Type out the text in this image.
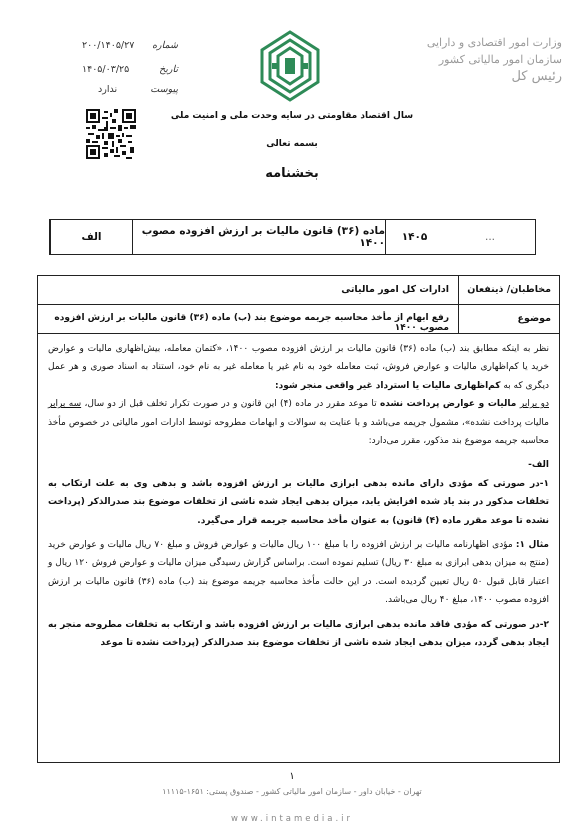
وزارت امور اقتصادی و دارایی
سازمان امور مالیاتی کشور
رئیس کل
شماره
۲۰۰/۱۴۰۵/۲۷
تاریخ
۱۴۰۵/۰۳/۲۵
پیوست
ندارد
سال اقتصاد مقاومتی در سایه وحدت ملی و امنیت ملی
بسمه تعالی
بخشنامه
الف	ماده (۳۶) قانون مالیات بر ارزش افزوده مصوب ۱۴۰۰	۱۴۰۵	...
مخاطبان/ ذینفعان
ادارات کل امور مالیاتی
موضوع
رفع ابهام از مأخذ محاسبه جریمه موضوع بند (ب) ماده (۳۶) قانون مالیات بر ارزش افزوده مصوب ۱۴۰۰

نظر به اینکه مطابق بند (ب) ماده (۳۶) قانون مالیات بر ارزش افزوده مصوب ۱۴۰۰، «کتمان معامله، بیش‌اظهاری مالیات و عوارض خرید یا کم‌اظهاری مالیات و عوارض فروش، ثبت معامله خود به نام غیر یا معامله غیر به نام خود، استناد به اسناد صوری و هر عمل دیگری که به کم‌اظهاری مالیات یا استرداد غیر واقعی منجر شود:

دو برابر مالیات و عوارض پرداخت نشده تا موعد مقرر در ماده (۴) این قانون و در صورت تکرار تخلف قبل از دو سال، سه برابر مالیات پرداخت نشده»، مشمول جریمه می‌باشد و با عنایت به سوالات و ابهامات مطروحه توسط ادارات امور مالیاتی در خصوص مأخذ محاسبه جریمه موضوع بند مذکور، مقرر می‌دارد:

الف-

۱-در صورتی که مؤدی دارای مانده بدهی ابرازی مالیات بر ارزش افزوده باشد و بدهی وی به علت ارتکاب به تخلفات مذکور در بند یاد شده افزایش یابد، میزان بدهی ایجاد شده ناشی از تخلفات موضوع بند صدرالذکر (پرداخت نشده تا موعد مقرر ماده (۴) قانون) به عنوان مأخذ محاسبه جریمه قرار می‌گیرد.

مثال ۱: مؤدی اظهارنامه مالیات بر ارزش افزوده را با مبلغ ۱۰۰ ریال مالیات و عوارض فروش و مبلغ ۷۰ ریال مالیات و عوارض خرید (منتج به میزان بدهی ابرازی به مبلغ ۳۰ ریال) تسلیم نموده است. براساس گزارش رسیدگی میزان مالیات و عوارض فروش ۱۲۰ ریال و اعتبار قابل قبول ۵۰ ریال تعیین گردیده است. در این حالت مأخذ محاسبه جریمه موضوع بند (ب) ماده (۳۶) قانون مالیات بر ارزش افزوده مصوب ۱۴۰۰، مبلغ ۴۰ ریال می‌باشد.

۲-در صورتی که مؤدی فاقد مانده بدهی ابرازی مالیات بر ارزش افزوده باشد و ارتکاب به تخلفات مطروحه منجر به ایجاد بدهی گردد، میزان بدهی ایجاد شده ناشی از تخلفات موضوع بند صدرالذکر (پرداخت نشده تا موعد

۱
تهران - خیابان داور - سازمان امور مالیاتی کشور - صندوق پستی: ۱۶۵۱-۱۱۱۱۵
www.intamedia.ir
